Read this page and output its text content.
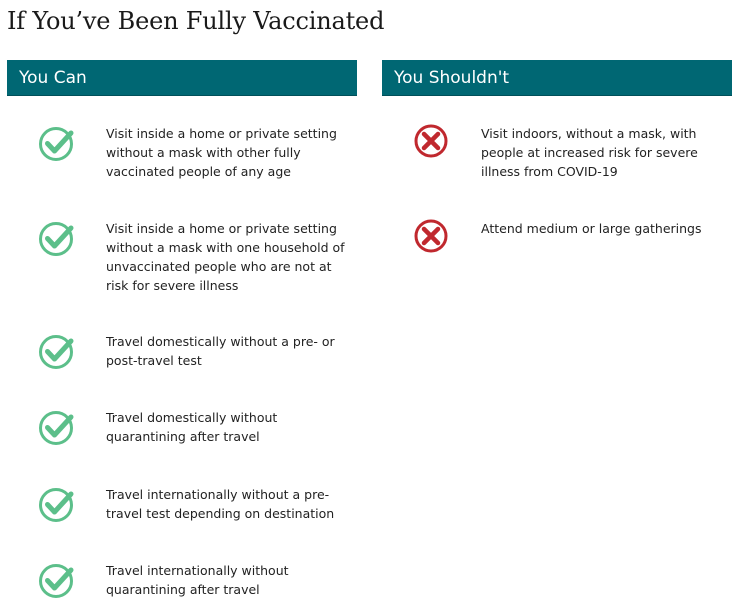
If You’ve Been Fully Vaccinated
You Can	You Shouldn't
Visit inside a home or private setting without a mask with other fully vaccinated people of any age
Visit inside a home or private setting without a mask with one household of unvaccinated people who are not at risk for severe illness
Travel domestically without a pre- or post-travel test
Travel domestically without quarantining after travel
Travel internationally without a pre-travel test depending on destination
Travel internationally without quarantining after travel
Visit indoors, without a mask, with people at increased risk for severe illness from COVID-19
Attend medium or large gatherings
